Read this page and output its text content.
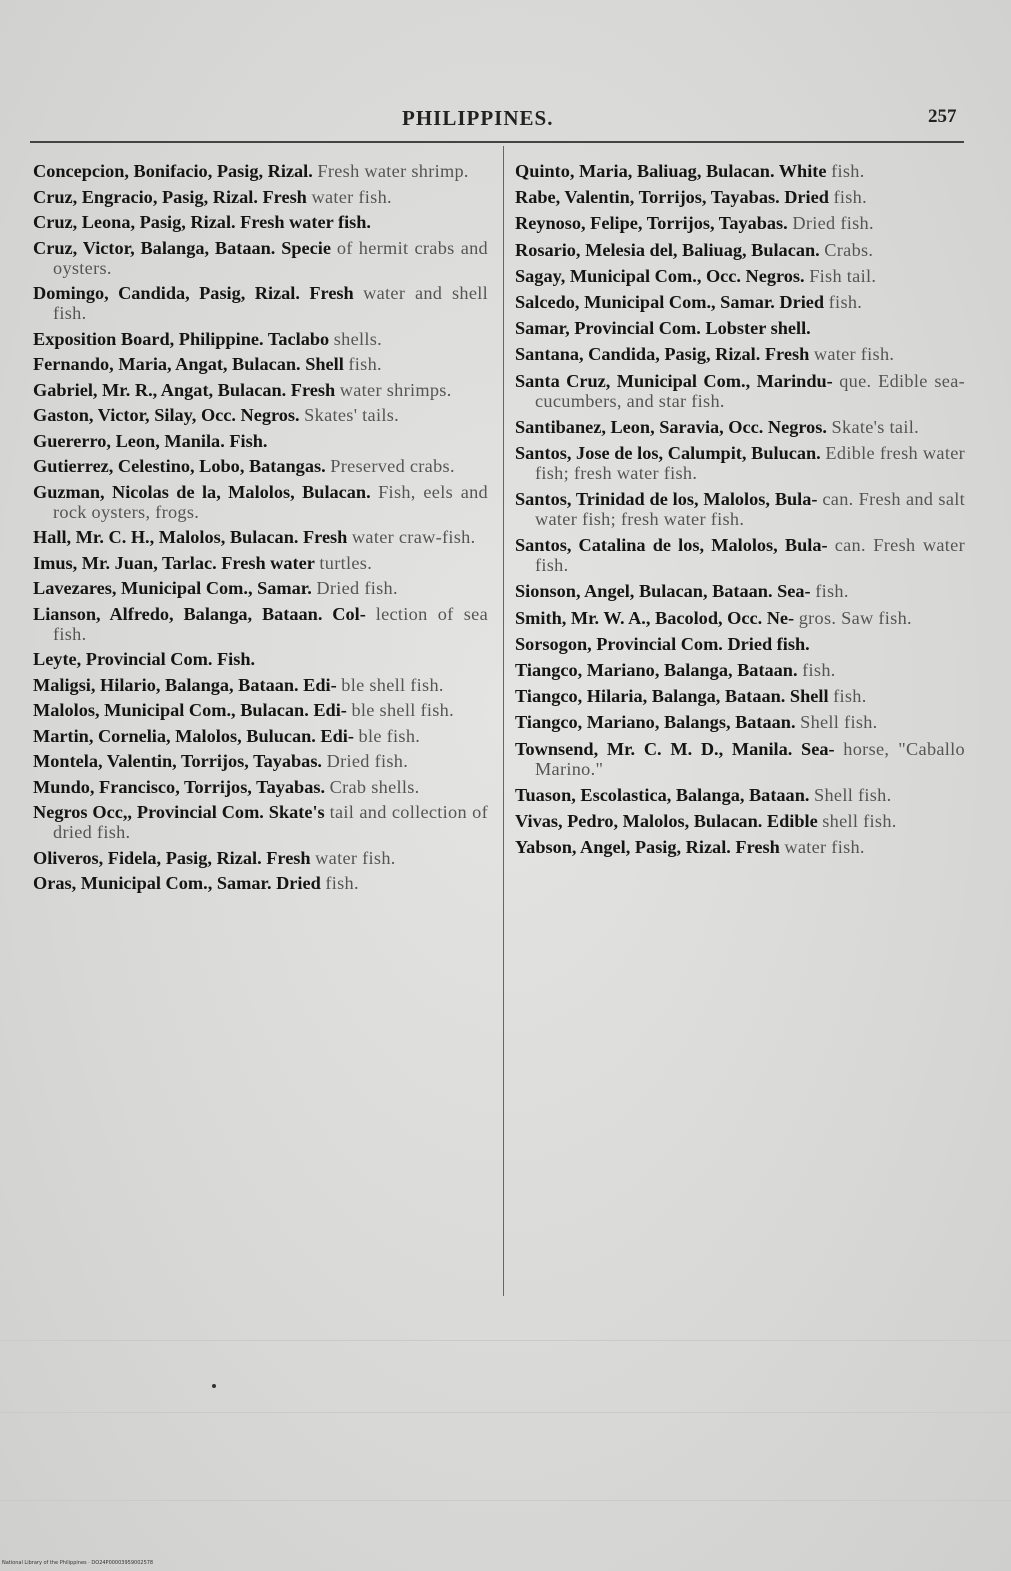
PHILIPPINES.	257
Concepcion, Bonifacio, Pasig, Rizal. Fresh water shrimp.
Cruz, Engracio, Pasig, Rizal. Fresh water fish.
Cruz, Leona, Pasig, Rizal. Fresh water fish.
Cruz, Victor, Balanga, Bataan. Specie of hermit crabs and oysters.
Domingo, Candida, Pasig, Rizal. Fresh water and shell fish.
Exposition Board, Philippine. Taclabo shells.
Fernando, Maria, Angat, Bulacan. Shell fish.
Gabriel, Mr. R., Angat, Bulacan. Fresh water shrimps.
Gaston, Victor, Silay, Occ. Negros. Skates' tails.
Guererro, Leon, Manila. Fish.
Gutierrez, Celestino, Lobo, Batangas. Preserved crabs.
Guzman, Nicolas de la, Malolos, Bulacan. Fish, eels and rock oysters, frogs.
Hall, Mr. C. H., Malolos, Bulacan. Fresh water craw-fish.
Imus, Mr. Juan, Tarlac. Fresh water turtles.
Lavezares, Municipal Com., Samar. Dried fish.
Lianson, Alfredo, Balanga, Bataan. Col- lection of sea fish.
Leyte, Provincial Com. Fish.
Maligsi, Hilario, Balanga, Bataan. Edi- ble shell fish.
Malolos, Municipal Com., Bulacan. Edi- ble shell fish.
Martin, Cornelia, Malolos, Bulucan. Edi- ble fish.
Montela, Valentin, Torrijos, Tayabas. Dried fish.
Mundo, Francisco, Torrijos, Tayabas. Crab shells.
Negros Occ,, Provincial Com. Skate's tail and collection of dried fish.
Oliveros, Fidela, Pasig, Rizal. Fresh water fish.
Oras, Municipal Com., Samar. Dried fish.
Quinto, Maria, Baliuag, Bulacan. White fish.
Rabe, Valentin, Torrijos, Tayabas. Dried fish.
Reynoso, Felipe, Torrijos, Tayabas. Dried fish.
Rosario, Melesia del, Baliuag, Bulacan. Crabs.
Sagay, Municipal Com., Occ. Negros. Fish tail.
Salcedo, Municipal Com., Samar. Dried fish.
Samar, Provincial Com. Lobster shell.
Santana, Candida, Pasig, Rizal. Fresh water fish.
Santa Cruz, Municipal Com., Marindu- que. Edible sea-cucumbers, and star fish.
Santibanez, Leon, Saravia, Occ. Negros. Skate's tail.
Santos, Jose de los, Calumpit, Bulucan. Edible fresh water fish; fresh water fish.
Santos, Trinidad de los, Malolos, Bula- can. Fresh and salt water fish; fresh water fish.
Santos, Catalina de los, Malolos, Bula- can. Fresh water fish.
Sionson, Angel, Bulacan, Bataan. Sea- fish.
Smith, Mr. W. A., Bacolod, Occ. Ne- gros. Saw fish.
Sorsogon, Provincial Com. Dried fish.
Tiangco, Mariano, Balanga, Bataan. fish.
Tiangco, Hilaria, Balanga, Bataan. Shell fish.
Tiangco, Mariano, Balangs, Bataan. Shell fish.
Townsend, Mr. C. M. D., Manila. Sea- horse, "Caballo Marino."
Tuason, Escolastica, Balanga, Bataan. Shell fish.
Vivas, Pedro, Malolos, Bulacan. Edible shell fish.
Yabson, Angel, Pasig, Rizal. Fresh water fish.
National Library of the Philippines · DO24P00003959002578
